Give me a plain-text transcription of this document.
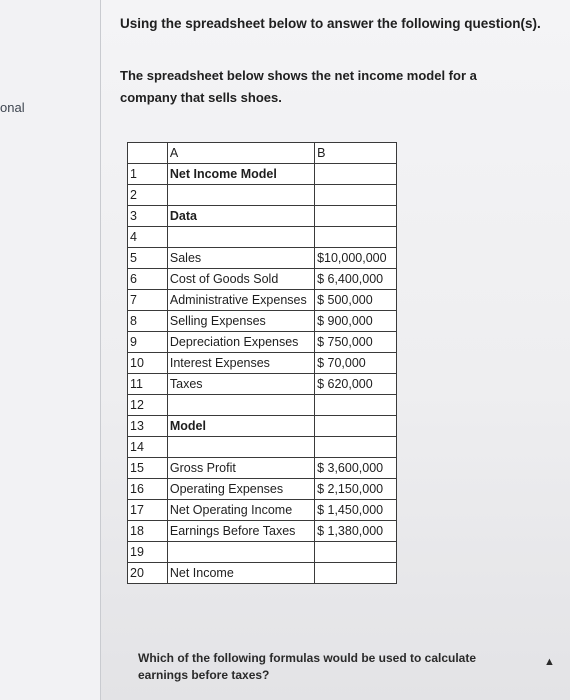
onal

Using the spreadsheet below to answer the following question(s).

The spreadsheet below shows the net income model for a company that sells shoes.

	A	B
1	Net Income Model	
2		
3	Data	
4		
5	Sales	$10,000,000
6	Cost of Goods Sold	$ 6,400,000
7	Administrative Expenses	$ 500,000
8	Selling Expenses	$ 900,000
9	Depreciation Expenses	$ 750,000
10	Interest Expenses	$ 70,000
11	Taxes	$ 620,000
12		
13	Model	
14		
15	Gross Profit	$ 3,600,000
16	Operating Expenses	$ 2,150,000
17	Net Operating Income	$ 1,450,000
18	Earnings Before Taxes	$ 1,380,000
19		
20	Net Income	

Which of the following formulas would be used to calculate earnings before taxes?

▲
